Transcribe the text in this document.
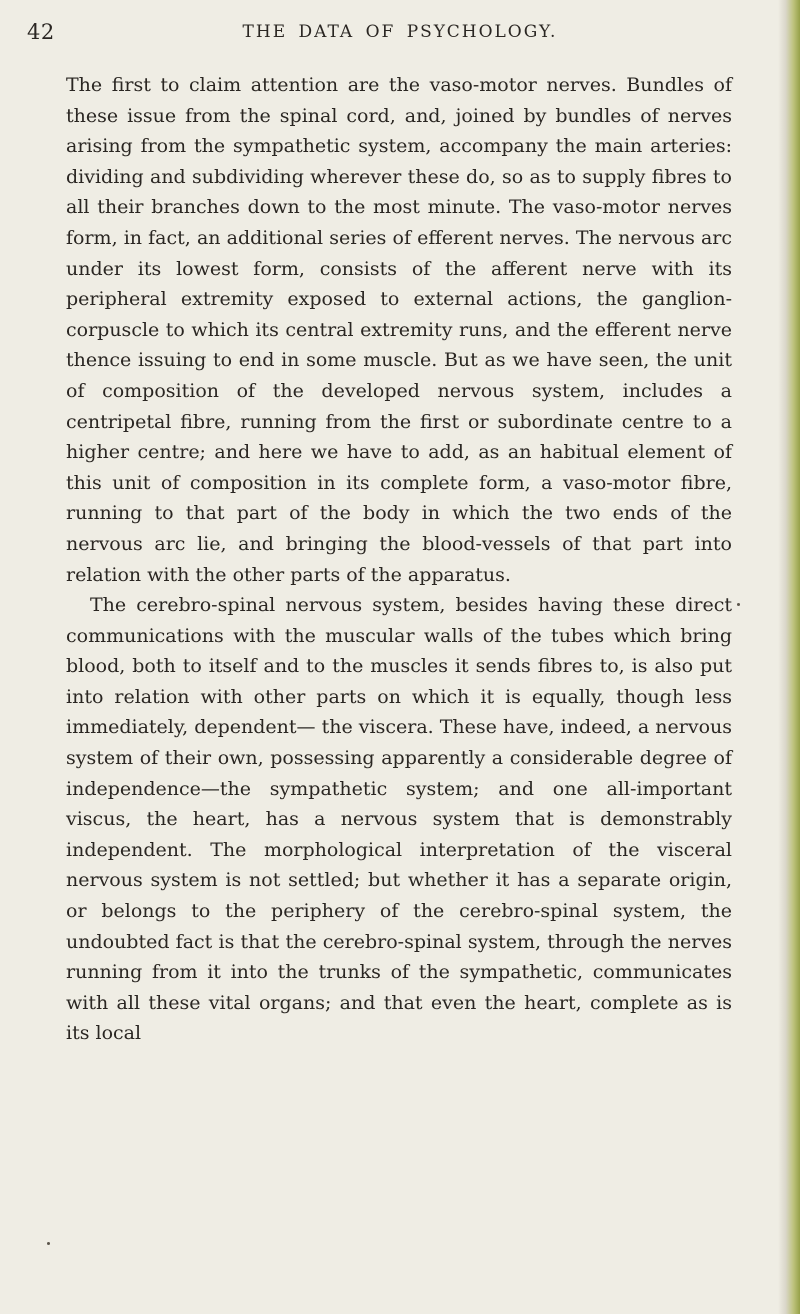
42	THE DATA OF PSYCHOLOGY.

The first to claim attention are the vaso-motor nerves. Bundles of these issue from the spinal cord, and, joined by bundles of nerves arising from the sympathetic system, accompany the main arteries: dividing and subdividing wherever these do, so as to supply fibres to all their branches down to the most minute. The vaso-motor nerves form, in fact, an additional series of efferent nerves. The nervous arc under its lowest form, consists of the afferent nerve with its peripheral extremity exposed to external actions, the ganglion-corpuscle to which its central extremity runs, and the efferent nerve thence issuing to end in some muscle. But as we have seen, the unit of composition of the developed nervous system, includes a centripetal fibre, running from the first or subordinate centre to a higher centre; and here we have to add, as an habitual element of this unit of composition in its complete form, a vaso-motor fibre, running to that part of the body in which the two ends of the nervous arc lie, and bringing the blood-vessels of that part into relation with the other parts of the apparatus.

The cerebro-spinal nervous system, besides having these direct communications with the muscular walls of the tubes which bring blood, both to itself and to the muscles it sends fibres to, is also put into relation with other parts on which it is equally, though less immediately, dependent— the viscera. These have, indeed, a nervous system of their own, possessing apparently a considerable degree of independence—the sympathetic system; and one all-important viscus, the heart, has a nervous system that is demonstrably independent. The morphological interpretation of the visceral nervous system is not settled; but whether it has a separate origin, or belongs to the periphery of the cerebro-spinal system, the undoubted fact is that the cerebro-spinal system, through the nerves running from it into the trunks of the sympathetic, communicates with all these vital organs; and that even the heart, complete as is its local
